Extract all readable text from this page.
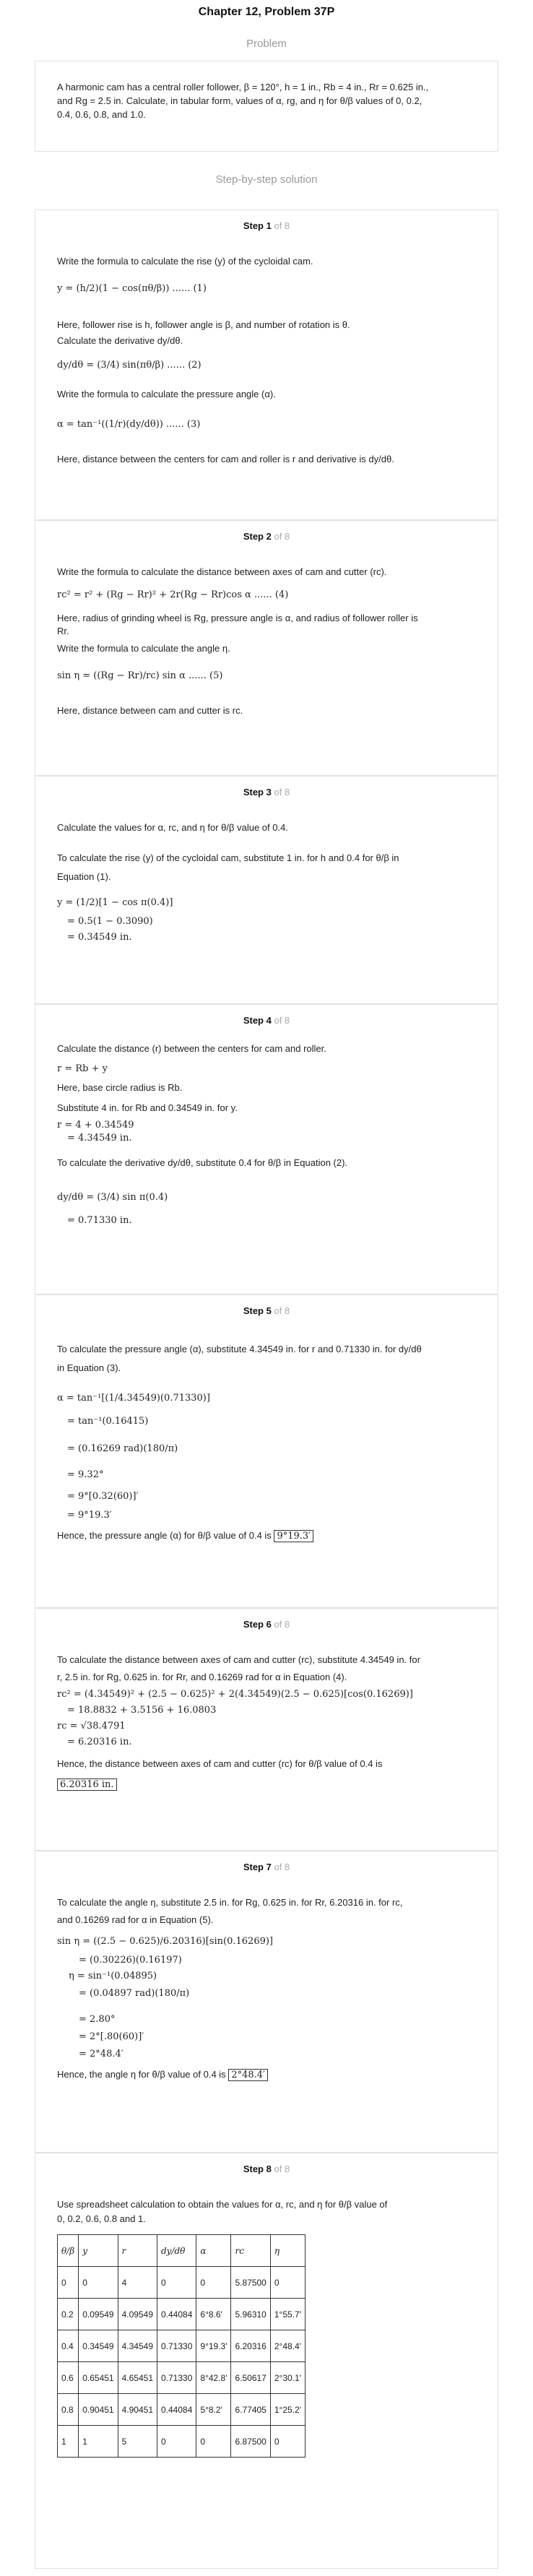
Chapter 12, Problem 37P
Problem
A harmonic cam has a central roller follower, β = 120°, h = 1 in., Rb = 4 in., Rr = 0.625 in.,
and Rg = 2.5 in. Calculate, in tabular form, values of α, rg, and η for θ/β values of 0, 0.2,
0.4, 0.6, 0.8, and 1.0.
Step-by-step solution
Step 1 of 8
Write the formula to calculate the rise (y) of the cycloidal cam.
y = (h/2)(1 − cos(πθ/β)) ...... (1)
Here, follower rise is h, follower angle is β, and number of rotation is θ.
Calculate the derivative dy/dθ.
dy/dθ = (3/4) sin(πθ/β) ...... (2)
Write the formula to calculate the pressure angle (α).
α = tan⁻¹((1/r)(dy/dθ)) ...... (3)
Here, distance between the centers for cam and roller is r and derivative is dy/dθ.
Step 2 of 8
Write the formula to calculate the distance between axes of cam and cutter (rc).
rc² = r² + (Rg − Rr)² + 2r(Rg − Rr)cos α ...... (4)
Here, radius of grinding wheel is Rg, pressure angle is α, and radius of follower roller is
Rr.
Write the formula to calculate the angle η.
sin η = ((Rg − Rr)/rc) sin α ...... (5)
Here, distance between cam and cutter is rc.
Step 3 of 8
Calculate the values for α, rc, and η for θ/β value of 0.4.
To calculate the rise (y) of the cycloidal cam, substitute 1 in. for h and 0.4 for θ/β in
Equation (1).
y = (1/2)[1 − cos π(0.4)]
= 0.5(1 − 0.3090)
= 0.34549 in.
Step 4 of 8
Calculate the distance (r) between the centers for cam and roller.
r = Rb + y
Here, base circle radius is Rb.
Substitute 4 in. for Rb and 0.34549 in. for y.
r = 4 + 0.34549
= 4.34549 in.
To calculate the derivative dy/dθ, substitute 0.4 for θ/β in Equation (2).
dy/dθ = (3/4) sin π(0.4)
= 0.71330 in.
Step 5 of 8
To calculate the pressure angle (α), substitute 4.34549 in. for r and 0.71330 in. for dy/dθ
in Equation (3).
α = tan⁻¹[(1/4.34549)(0.71330)]
= tan⁻¹(0.16415)
= (0.16269 rad)(180/π)
= 9.32°
= 9°[0.32(60)]′
= 9°19.3′
Hence, the pressure angle (α) for θ/β value of 0.4 is 9°19.3′
Step 6 of 8
To calculate the distance between axes of cam and cutter (rc), substitute 4.34549 in. for
r, 2.5 in. for Rg, 0.625 in. for Rr, and 0.16269 rad for α in Equation (4).
rc² = (4.34549)² + (2.5 − 0.625)² + 2(4.34549)(2.5 − 0.625)[cos(0.16269)]
= 18.8832 + 3.5156 + 16.0803
rc = √38.4791
= 6.20316 in.
Hence, the distance between axes of cam and cutter (rc) for θ/β value of 0.4 is
6.20316 in.
Step 7 of 8
To calculate the angle η, substitute 2.5 in. for Rg, 0.625 in. for Rr, 6.20316 in. for rc,
and 0.16269 rad for α in Equation (5).
sin η = ((2.5 − 0.625)/6.20316)[sin(0.16269)]
= (0.30226)(0.16197)
η = sin⁻¹(0.04895)
= (0.04897 rad)(180/π)
= 2.80°
= 2°[.80(60)]′
= 2°48.4′
Hence, the angle η for θ/β value of 0.4 is 2°48.4′
Step 8 of 8
Use spreadsheet calculation to obtain the values for α, rc, and η for θ/β value of
0, 0.2, 0.6, 0.8 and 1.
θ/β	y	r	dy/dθ	α	rc	η
0	0	4	0	0	5.87500	0
0.2	0.09549	4.09549	0.44084	6°8.6′	5.96310	1°55.7′
0.4	0.34549	4.34549	0.71330	9°19.3′	6.20316	2°48.4′
0.6	0.65451	4.65451	0.71330	8°42.8′	6.50617	2°30.1′
0.8	0.90451	4.90451	0.44084	5°8.2′	6.77405	1°25.2′
1	1	5	0	0	6.87500	0
